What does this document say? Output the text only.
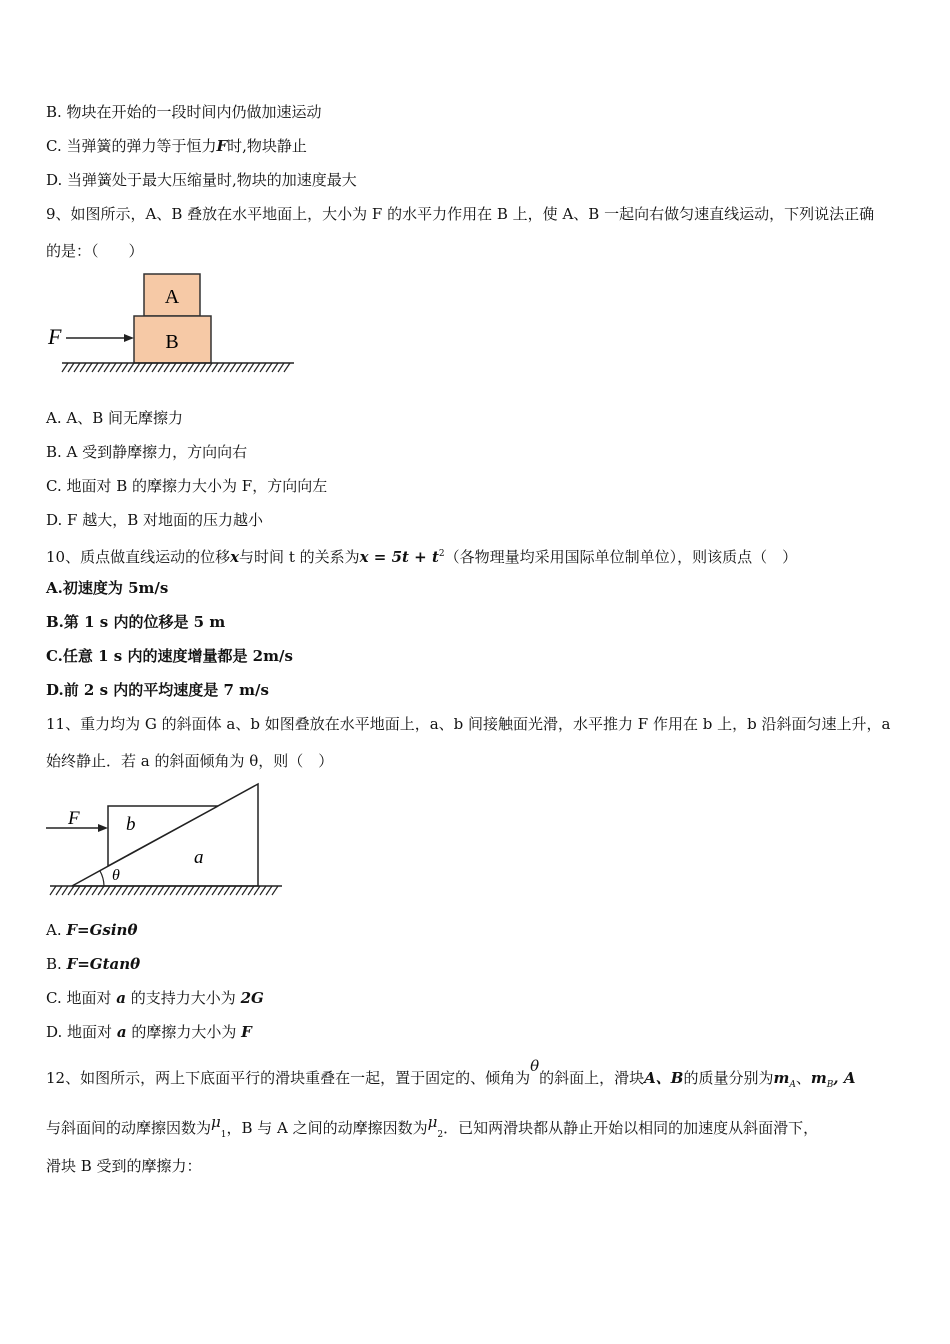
B. 物块在开始的一段时间内仍做加速运动
C. 当弹簧的弹力等于恒力F时,物块静止
D. 当弹簧处于最大压缩量时,物块的加速度最大
9、如图所示，A、B 叠放在水平地面上，大小为 F 的水平力作用在 B 上，使 A、B 一起向右做匀速直线运动，下列说法正确
的是：（　　）
A
B
F
A. A、B 间无摩擦力
B. A 受到静摩擦力，方向向右
C. 地面对 B 的摩擦力大小为 F，方向向左
D. F 越大，B 对地面的压力越小
10、质点做直线运动的位移x与时间 t 的关系为$x = 5t + t^2$（各物理量均采用国际单位制单位），则该质点（　）
A.初速度为 5m/s
B.第 1 s 内的位移是 5 m
C.任意 1 s 内的速度增量都是 2m/s
D.前 2 s 内的平均速度是 7 m/s
11、重力均为 G 的斜面体 a、b 如图叠放在水平地面上，a、b 间接触面光滑，水平推力 F 作用在 b 上，b 沿斜面匀速上升，a
始终静止．若 a 的斜面倾角为 θ，则（　）
F b
a
θ
A. F=Gsinθ
B. F=Gtanθ
C. 地面对 a 的支持力大小为 2G
D. 地面对 a 的摩擦力大小为 F
12、如图所示，两上下底面平行的滑块重叠在一起，置于固定的、倾角为θ的斜面上，滑块A、B的质量分别为$m_A$、$m_B$, A
与斜面间的动摩擦因数为$\mu_1$，B 与 A 之间的动摩擦因数为$\mu_2$．已知两滑块都从静止开始以相同的加速度从斜面滑下，
滑块 B 受到的摩擦力：
